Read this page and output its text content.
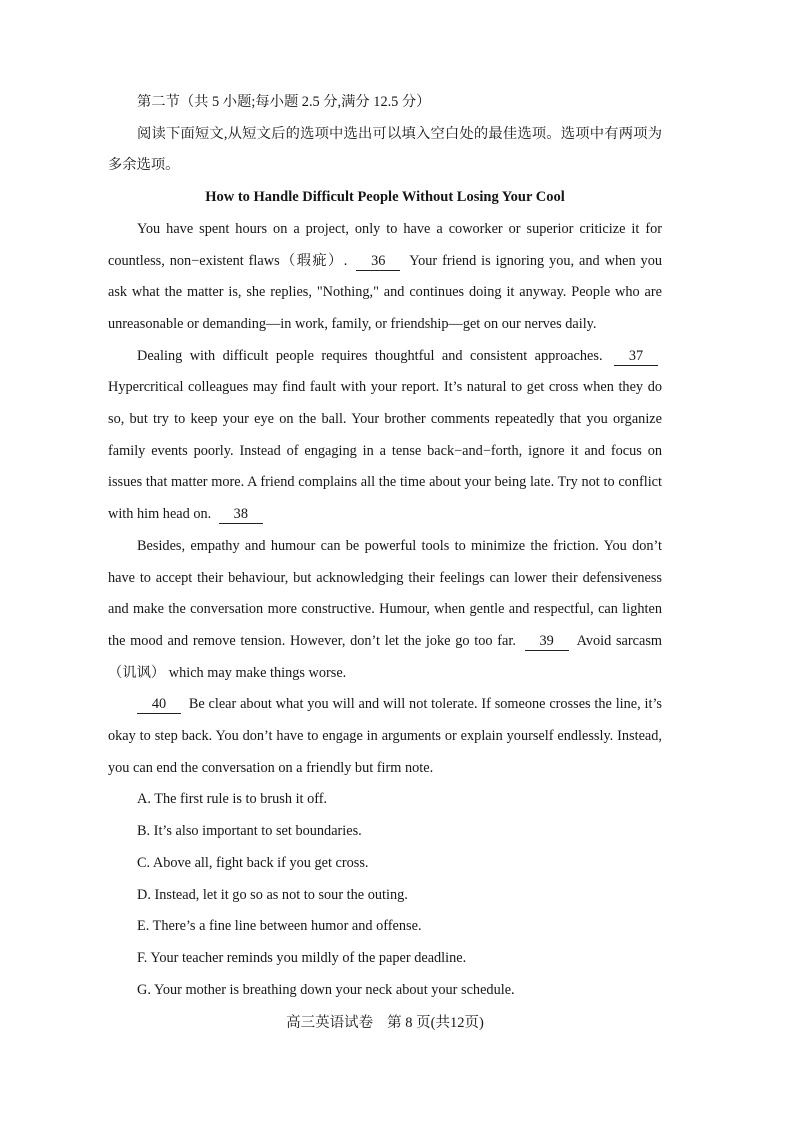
第二节（共 5 小题;每小题 2.5 分,满分 12.5 分）

阅读下面短文,从短文后的选项中选出可以填入空白处的最佳选项。选项中有两项为多余选项。

How to Handle Difficult People Without Losing Your Cool

You have spent hours on a project, only to have a coworker or superior criticize it for countless, non−existent flaws（瑕疵）. 36 Your friend is ignoring you, and when you ask what the matter is, she replies, "Nothing," and continues doing it anyway. People who are unreasonable or demanding—in work, family, or friendship—get on our nerves daily.

Dealing with difficult people requires thoughtful and consistent approaches. 37 Hypercritical colleagues may find fault with your report. It’s natural to get cross when they do so, but try to keep your eye on the ball. Your brother comments repeatedly that you organize family events poorly. Instead of engaging in a tense back−and−forth, ignore it and focus on issues that matter more. A friend complains all the time about your being late. Try not to conflict with him head on. 38

Besides, empathy and humour can be powerful tools to minimize the friction. You don’t have to accept their behaviour, but acknowledging their feelings can lower their defensiveness and make the conversation more constructive. Humour, when gentle and respectful, can lighten the mood and remove tension. However, don’t let the joke go too far. 39 Avoid sarcasm（讥讽） which may make things worse.

40 Be clear about what you will and will not tolerate. If someone crosses the line, it’s okay to step back. You don’t have to engage in arguments or explain yourself endlessly. Instead, you can end the conversation on a friendly but firm note.

A. The first rule is to brush it off.
B. It’s also important to set boundaries.
C. Above all, fight back if you get cross.
D. Instead, let it go so as not to sour the outing.
E. There’s a fine line between humor and offense.
F. Your teacher reminds you mildly of the paper deadline.
G. Your mother is breathing down your neck about your schedule.
高三英语试卷 第 8 页(共12页)
